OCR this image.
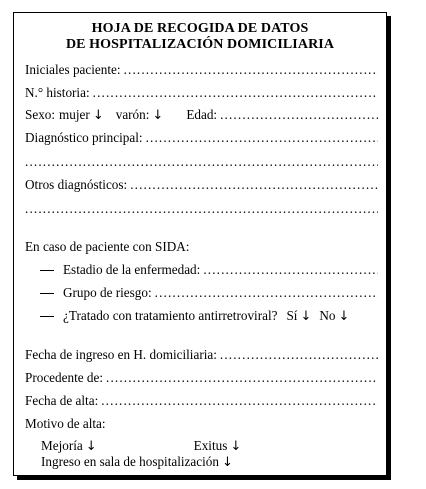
HOJA DE RECOGIDA DE DATOS
DE HOSPITALIZACIÓN DOMICILIARIA
Iniciales paciente:
.....
N.° historia:
.....
Sexo: mujer ↓ varón: ↓ Edad:
.....
Diagnóstico principal:
.....
.....
Otros diagnósticos:
.....
.....
En caso de paciente con SIDA:
Estadio de la enfermedad:
.....
Grupo de riesgo:
.....
¿Tratado con tratamiento antirretroviral? Sí ↓ No ↓
Fecha de ingreso en H. domiciliaria:
.....
Procedente de:
.....
Fecha de alta:
.....
Motivo de alta:
Mejoría ↓	Exitus ↓
Ingreso en sala de hospitalización ↓
